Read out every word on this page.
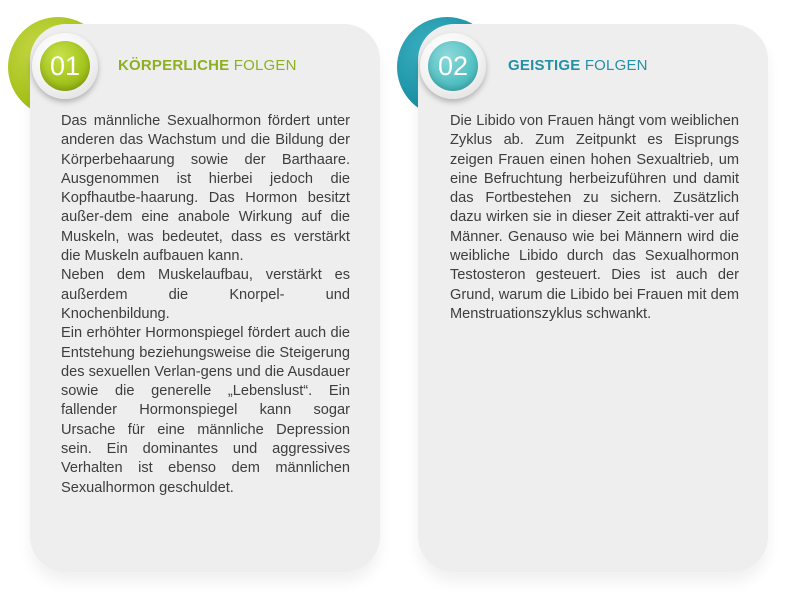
01	KÖRPERLICHE FOLGEN

Das männliche Sexualhormon fördert unter anderen das Wachstum und die Bildung der Körperbehaarung sowie der Barthaare. Ausgenommen ist hierbei jedoch die Kopfhautbe-haarung. Das Hormon besitzt außer-dem eine anabole Wirkung auf die Muskeln, was bedeutet, dass es verstärkt die Muskeln aufbauen kann.

Neben dem Muskelaufbau, verstärkt es außerdem die Knorpel- und Knochenbildung.

Ein erhöhter Hormonspiegel fördert auch die Entstehung beziehungsweise die Steigerung des sexuellen Verlan-gens und die Ausdauer sowie die generelle „Lebenslust“. Ein fallender Hormonspiegel kann sogar Ursache für eine männliche Depression sein. Ein dominantes und aggressives Verhalten ist ebenso dem männlichen Sexualhormon geschuldet.

02	GEISTIGE FOLGEN

Die Libido von Frauen hängt vom weiblichen Zyklus ab. Zum Zeitpunkt es Eisprungs zeigen Frauen einen hohen Sexualtrieb, um eine Befruchtung herbeizuführen und damit das Fortbestehen zu sichern. Zusätzlich dazu wirken sie in dieser Zeit attrakti-ver auf Männer. Genauso wie bei Männern wird die weibliche Libido durch das Sexualhormon Testosteron gesteuert. Dies ist auch der Grund, warum die Libido bei Frauen mit dem Menstruationszyklus schwankt.
